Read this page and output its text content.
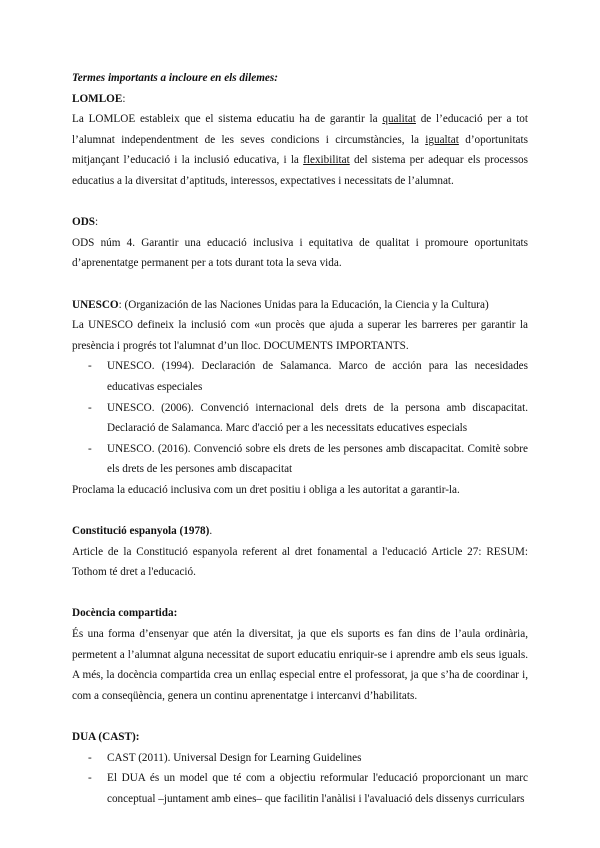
Termes importants a incloure en els dilemes:
LOMLOE:

La LOMLOE estableix que el sistema educatiu ha de garantir la qualitat de l’educació per a tot l’alumnat independentment de les seves condicions i circumstàncies, la igualtat d’oportunitats mitjançant l’educació i la inclusió educativa, i la flexibilitat del sistema per adequar els processos educatius a la diversitat d’aptituds, interessos, expectatives i necessitats de l’alumnat.

ODS:

ODS núm 4. Garantir una educació inclusiva i equitativa de qualitat i promoure oportunitats d’aprenentatge permanent per a tots durant tota la seva vida.

UNESCO: (Organización de las Naciones Unidas para la Educación, la Ciencia y la Cultura)

La UNESCO defineix la inclusió com «un procès que ajuda a superar les barreres per garantir la presència i progrés tot l'alumnat d’un lloc. DOCUMENTS IMPORTANTS.

- UNESCO. (1994). Declaración de Salamanca. Marco de acción para las necesidades educativas especiales
- UNESCO. (2006). Convenció internacional dels drets de la persona amb discapacitat. Declaració de Salamanca. Marc d'acció per a les necessitats educatives especials
- UNESCO. (2016). Convenció sobre els drets de les persones amb discapacitat. Comitè sobre els drets de les persones amb discapacitat

Proclama la educació inclusiva com un dret positiu i obliga a les autoritat a garantir-la.

Constitució espanyola (1978).

Article de la Constitució espanyola referent al dret fonamental a l'educació Article 27: RESUM: Tothom té dret a l'educació.

Docència compartida:

És una forma d’ensenyar que atén la diversitat, ja que els suports es fan dins de l’aula ordinària, permetent a l’alumnat alguna necessitat de suport educatiu enriquir-se i aprendre amb els seus iguals. A més, la docència compartida crea un enllaç especial entre el professorat, ja que s’ha de coordinar i, com a conseqüència, genera un continu aprenentatge i intercanvi d’habilitats.

DUA (CAST):
- CAST (2011). Universal Design for Learning Guidelines
- El DUA és un model que té com a objectiu reformular l'educació proporcionant un marc conceptual –juntament amb eines– que facilitin l'anàlisi i l'avaluació dels dissenys curriculars
